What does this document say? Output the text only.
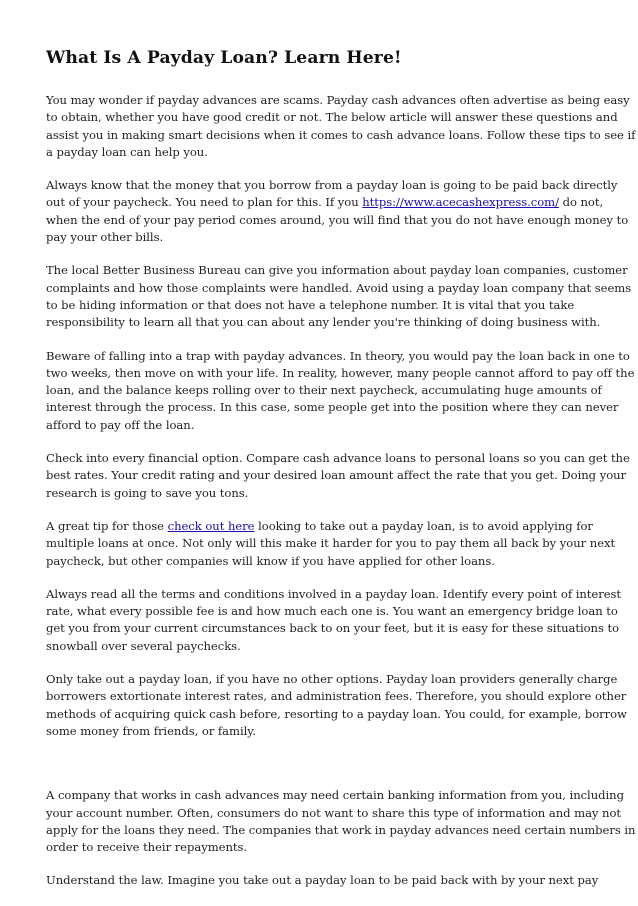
What Is A Payday Loan? Learn Here!

You may wonder if payday advances are scams. Payday cash advances often advertise as being easy
to obtain, whether you have good credit or not. The below article will answer these questions and
assist you in making smart decisions when it comes to cash advance loans. Follow these tips to see if
a payday loan can help you.

Always know that the money that you borrow from a payday loan is going to be paid back directly
out of your paycheck. You need to plan for this. If you https://www.acecashexpress.com/ do not,
when the end of your pay period comes around, you will find that you do not have enough money to
pay your other bills.

The local Better Business Bureau can give you information about payday loan companies, customer
complaints and how those complaints were handled. Avoid using a payday loan company that seems
to be hiding information or that does not have a telephone number. It is vital that you take
responsibility to learn all that you can about any lender you're thinking of doing business with.

Beware of falling into a trap with payday advances. In theory, you would pay the loan back in one to
two weeks, then move on with your life. In reality, however, many people cannot afford to pay off the
loan, and the balance keeps rolling over to their next paycheck, accumulating huge amounts of
interest through the process. In this case, some people get into the position where they can never
afford to pay off the loan.

Check into every financial option. Compare cash advance loans to personal loans so you can get the
best rates. Your credit rating and your desired loan amount affect the rate that you get. Doing your
research is going to save you tons.

A great tip for those check out here looking to take out a payday loan, is to avoid applying for
multiple loans at once. Not only will this make it harder for you to pay them all back by your next
paycheck, but other companies will know if you have applied for other loans.

Always read all the terms and conditions involved in a payday loan. Identify every point of interest
rate, what every possible fee is and how much each one is. You want an emergency bridge loan to
get you from your current circumstances back to on your feet, but it is easy for these situations to
snowball over several paychecks.

Only take out a payday loan, if you have no other options. Payday loan providers generally charge
borrowers extortionate interest rates, and administration fees. Therefore, you should explore other
methods of acquiring quick cash before, resorting to a payday loan. You could, for example, borrow
some money from friends, or family.

A company that works in cash advances may need certain banking information from you, including
your account number. Often, consumers do not want to share this type of information and may not
apply for the loans they need. The companies that work in payday advances need certain numbers in
order to receive their repayments.

Understand the law. Imagine you take out a payday loan to be paid back with by your next pay
